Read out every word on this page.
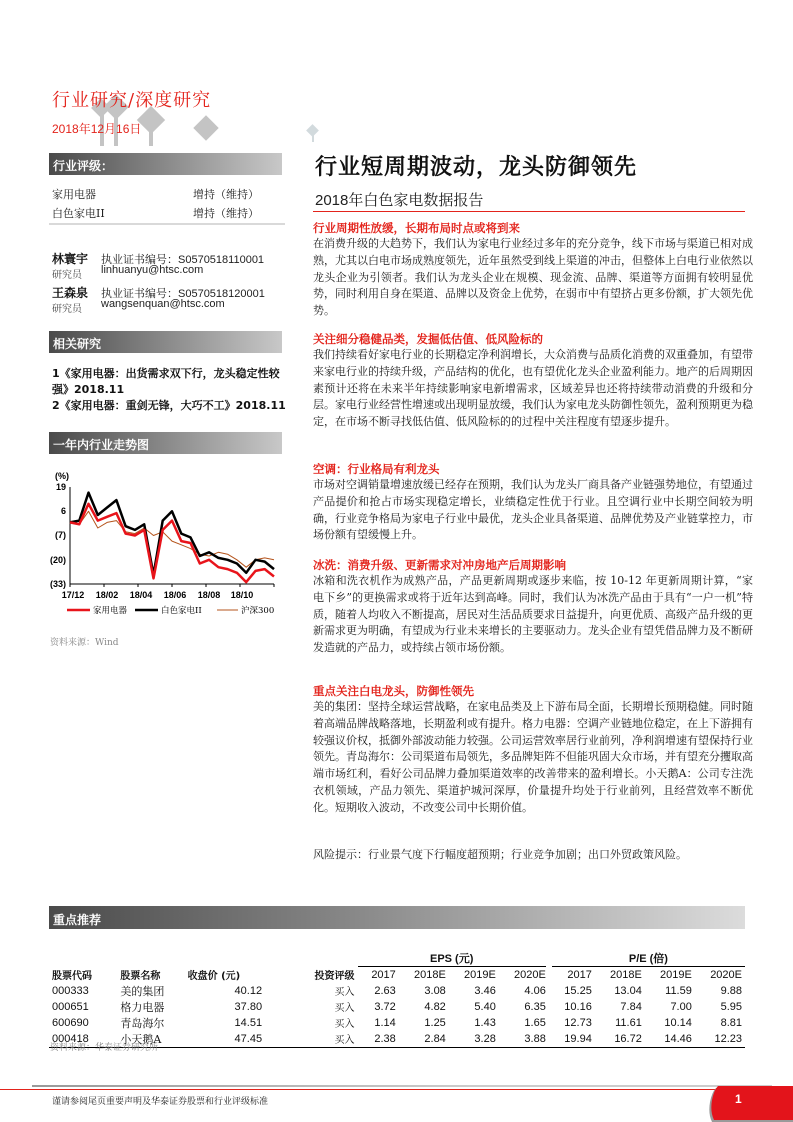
行业研究/深度研究
2018年12月16日
行业评级：
家用电器	增持（维持）
白色家电II	增持（维持）
林寰宇 执业证书编号：S0570518110001
研究员 linhuanyu@htsc.com
王森泉 执业证书编号：S0570518120001
研究员 wangsenquan@htsc.com
相关研究
1《家用电器：出货需求双下行，龙头稳定性较强》2018.11
2《家用电器：重剑无锋，大巧不工》2018.11
一年内行业走势图
(%)
19
6
(7)
(20)
(33)
17/12 18/02 18/04 18/06 18/08 18/10
家用电器	白色家电II	沪深300
资料来源：Wind
行业短周期波动，龙头防御领先
2018年白色家电数据报告
行业周期性放缓，长期布局时点或将到来
在消费升级的大趋势下，我们认为家电行业经过多年的充分竞争，线下市场与渠道已相对成熟，尤其以白电市场成熟度领先，近年虽然受到线上渠道的冲击，但整体上白电行业依然以龙头企业为引领者。我们认为龙头企业在规模、现金流、品牌、渠道等方面拥有较明显优势，同时利用自身在渠道、品牌以及资金上优势，在弱市中有望挤占更多份额，扩大领先优势。
关注细分稳健品类，发掘低估值、低风险标的
我们持续看好家电行业的长期稳定净利润增长，大众消费与品质化消费的双重叠加，有望带来家电行业的持续升级，产品结构的优化，也有望优化龙头企业盈利能力。地产的后周期因素预计还将在未来半年持续影响家电新增需求，区域差异也还将持续带动消费的升级和分层。家电行业经营性增速或出现明显放缓，我们认为家电龙头防御性领先，盈利预期更为稳定，在市场不断寻找低估值、低风险标的的过程中关注程度有望逐步提升。
空调：行业格局有利龙头
市场对空调销量增速放缓已经存在预期，我们认为龙头厂商具备产业链强势地位，有望通过产品提价和抢占市场实现稳定增长，业绩稳定性优于行业。且空调行业中长期空间较为明确，行业竞争格局为家电子行业中最优，龙头企业具备渠道、品牌优势及产业链掌控力，市场份额有望缓慢上升。
冰洗：消费升级、更新需求对冲房地产后周期影响
冰箱和洗衣机作为成熟产品，产品更新周期或逐步来临，按 10-12 年更新周期计算，“家电下乡”的更换需求或将于近年达到高峰。同时，我们认为冰洗产品由于具有“一户一机”特质，随着人均收入不断提高，居民对生活品质要求日益提升，向更优质、高级产品升级的更新需求更为明确，有望成为行业未来增长的主要驱动力。龙头企业有望凭借品牌力及不断研发造就的产品力，或持续占领市场份额。
重点关注白电龙头，防御性领先
美的集团：坚持全球运营战略，在家电品类及上下游布局全面，长期增长预期稳健。同时随着高端品牌战略落地，长期盈利或有提升。格力电器：空调产业链地位稳定，在上下游拥有较强议价权，抵御外部波动能力较强。公司运营效率居行业前列，净利润增速有望保持行业领先。青岛海尔：公司渠道布局领先，多品牌矩阵不但能巩固大众市场，并有望充分攫取高端市场红利，看好公司品牌力叠加渠道效率的改善带来的盈利增长。小天鹅A：公司专注洗衣机领域，产品力领先、渠道护城河深厚，价量提升均处于行业前列，且经营效率不断优化。短期收入波动，不改变公司中长期价值。
风险提示：行业景气度下行幅度超预期；行业竞争加剧；出口外贸政策风险。
重点推荐
				EPS (元)				P/E (倍)			
股票代码	股票名称	收盘价 (元)	投资评级	2017	2018E	2019E	2020E	2017	2018E	2019E	2020E
000333	美的集团	40.12	买入	2.63	3.08	3.46	4.06	15.25	13.04	11.59	9.88
000651	格力电器	37.80	买入	3.72	4.82	5.40	6.35	10.16	7.84	7.00	5.95
600690	青岛海尔	14.51	买入	1.14	1.25	1.43	1.65	12.73	11.61	10.14	8.81
000418	小天鹅A	47.45	买入	2.38	2.84	3.28	3.88	19.94	16.72	14.46	12.23
资料来源：华泰证券研究所
谨请参阅尾页重要声明及华泰证券股票和行业评级标准	1
